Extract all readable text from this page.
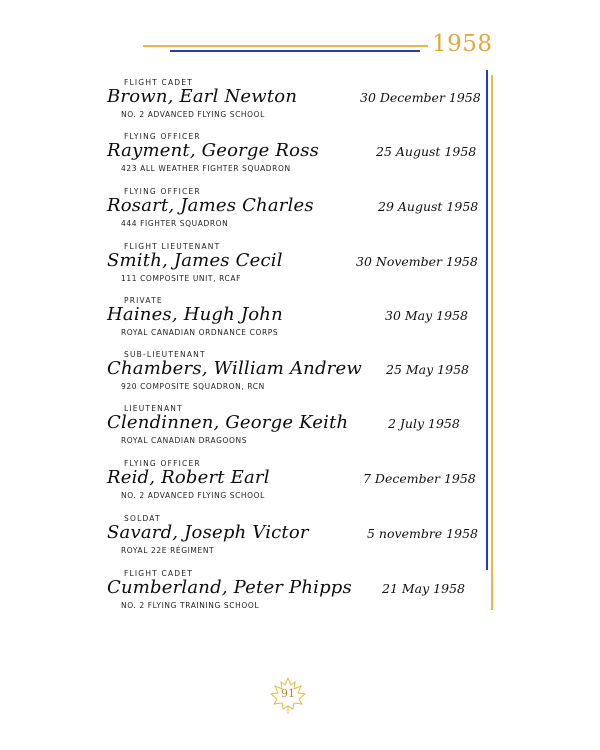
1958
FLIGHT CADET
Brown, Earl Newton
NO. 2 ADVANCED FLYING SCHOOL
30 December 1958
FLYING OFFICER
Rayment, George Ross
423 ALL WEATHER FIGHTER SQUADRON
25 August 1958
FLYING OFFICER
Rosart, James Charles
444 FIGHTER SQUADRON
29 August 1958
FLIGHT LIEUTENANT
Smith, James Cecil
111 COMPOSITE UNIT, RCAF
30 November 1958
PRIVATE
Haines, Hugh John
ROYAL CANADIAN ORDNANCE CORPS
30 May 1958
SUB-LIEUTENANT
Chambers, William Andrew
920 COMPOSITE SQUADRON, RCN
25 May 1958
LIEUTENANT
Clendinnen, George Keith
ROYAL CANADIAN DRAGOONS
2 July 1958
FLYING OFFICER
Reid, Robert Earl
NO. 2 ADVANCED FLYING SCHOOL
7 December 1958
SOLDAT
Savard, Joseph Victor
ROYAL 22E RÉGIMENT
5 novembre 1958
FLIGHT CADET
Cumberland, Peter Phipps
NO. 2 FLYING TRAINING SCHOOL
21 May 1958
91
